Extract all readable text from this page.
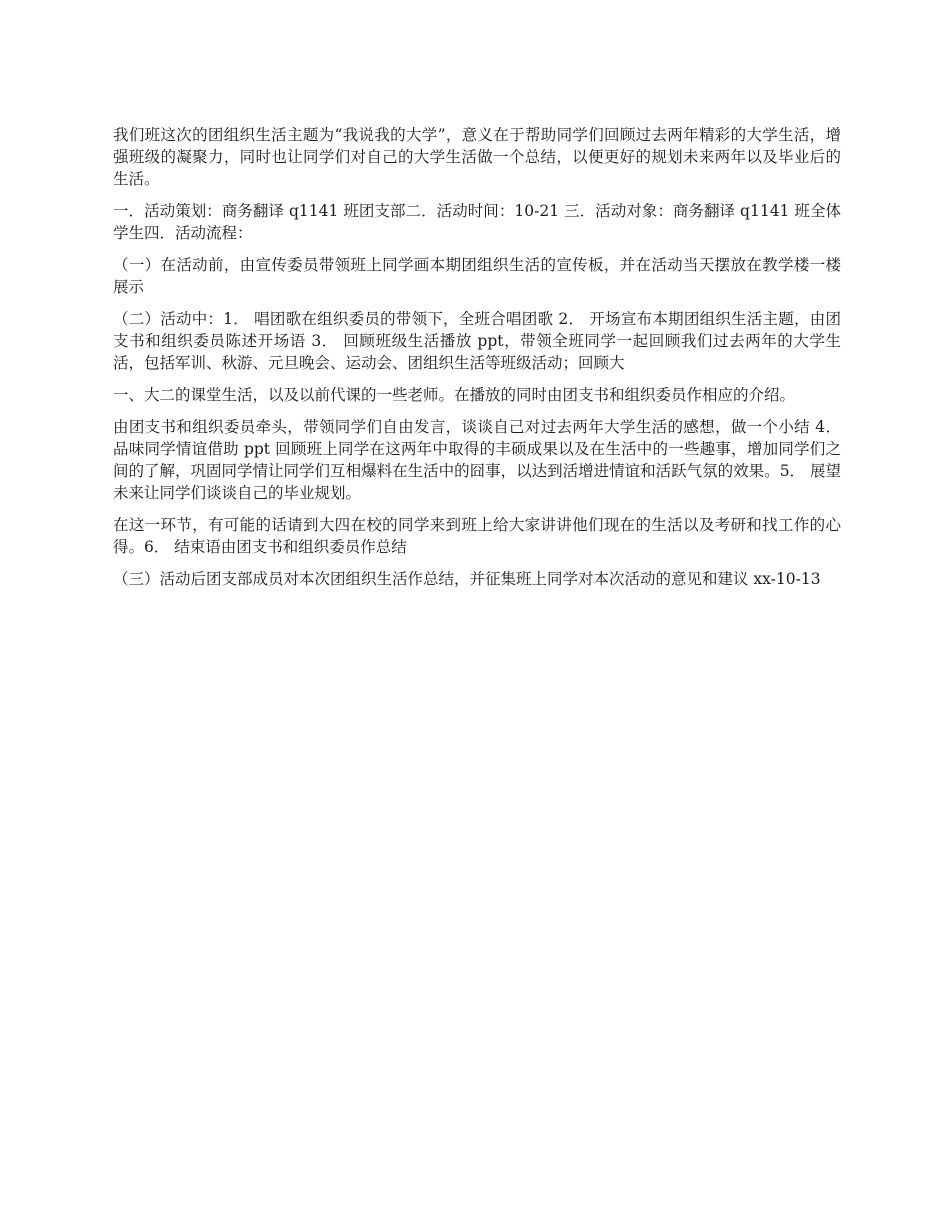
我们班这次的团组织生活主题为“我说我的大学”，意义在于帮助同学们回顾过去两年精彩的大学生活，增强班级的凝聚力，同时也让同学们对自己的大学生活做一个总结，以便更好的规划未来两年以及毕业后的生活。

一．活动策划：商务翻译 q1141 班团支部二．活动时间：10-21 三．活动对象：商务翻译 q1141 班全体学生四．活动流程：

（一）在活动前，由宣传委员带领班上同学画本期团组织生活的宣传板，并在活动当天摆放在教学楼一楼展示

（二）活动中：1． 唱团歌在组织委员的带领下，全班合唱团歌 2． 开场宣布本期团组织生活主题，由团支书和组织委员陈述开场语 3． 回顾班级生活播放 ppt，带领全班同学一起回顾我们过去两年的大学生活，包括军训、秋游、元旦晚会、运动会、团组织生活等班级活动；回顾大

一、大二的课堂生活，以及以前代课的一些老师。在播放的同时由团支书和组织委员作相应的介绍。

由团支书和组织委员牵头，带领同学们自由发言，谈谈自己对过去两年大学生活的感想，做一个小结 4． 品味同学情谊借助 ppt 回顾班上同学在这两年中取得的丰硕成果以及在生活中的一些趣事，增加同学们之间的了解，巩固同学情让同学们互相爆料在生活中的囧事，以达到活增进情谊和活跃气氛的效果。5． 展望未来让同学们谈谈自己的毕业规划。

在这一环节，有可能的话请到大四在校的同学来到班上给大家讲讲他们现在的生活以及考研和找工作的心得。6． 结束语由团支书和组织委员作总结

（三）活动后团支部成员对本次团组织生活作总结，并征集班上同学对本次活动的意见和建议 xx-10-13
